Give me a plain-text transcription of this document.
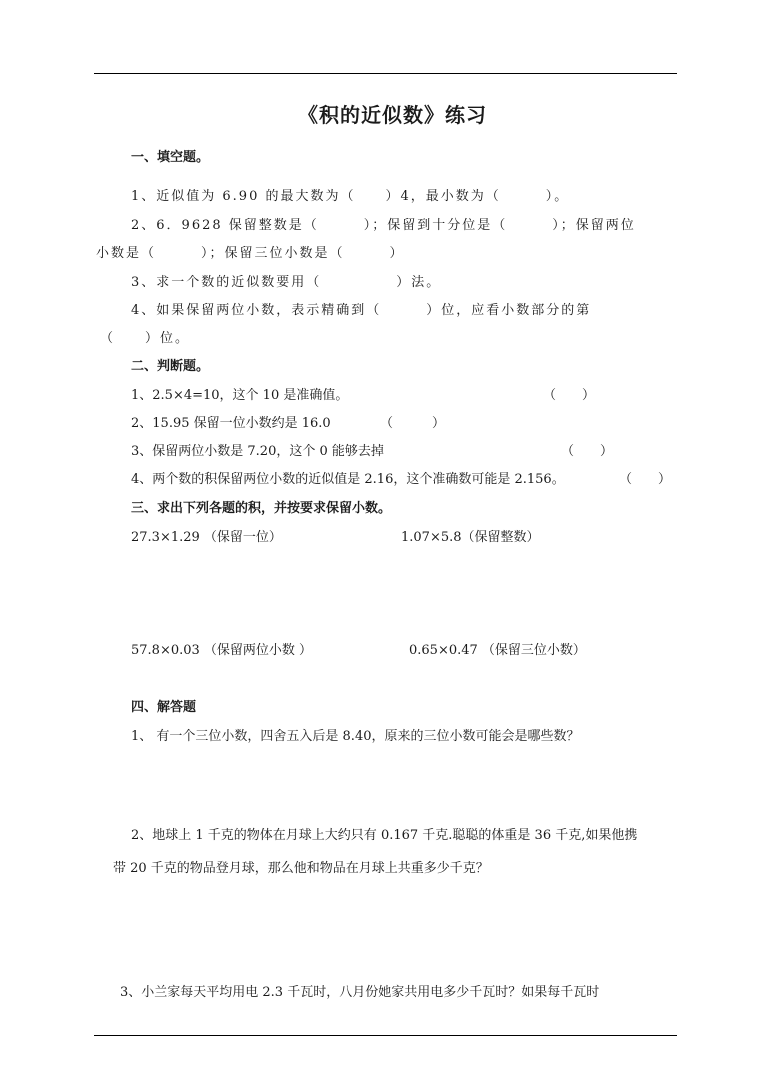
《积的近似数》练习
一、填空题。
1、近似值为 6.90 的最大数为（　　）4，最小数为（　　　）。
2、6．9628 保留整数是（　　　）；保留到十分位是（　　　）；保留两位
小数是（　　　）；保留三位小数是（　　　）
3、求一个数的近似数要用（　　　　　）法。
4、如果保留两位小数，表示精确到（　　　）位，应看小数部分的第
（　　）位。
二、判断题。
1、2.5×4=10，这个 10 是准确值。	（　　）
2、15.95 保留一位小数约是 16.0	（　　　）
3、保留两位小数是 7.20，这个 0 能够去掉	（　　）
4、两个数的积保留两位小数的近似值是 2.16，这个准确数可能是 2.156。	（　　）
三、求出下列各题的积，并按要求保留小数。
27.3×1.29 （保留一位）	1.07×5.8（保留整数）
57.8×0.03 （保留两位小数 ）	0.65×0.47 （保留三位小数）
四、解答题
1、 有一个三位小数，四舍五入后是 8.40，原来的三位小数可能会是哪些数？
2、地球上 1 千克的物体在月球上大约只有 0.167 千克.聪聪的体重是 36 千克,如果他携
带 20 千克的物品登月球，那么他和物品在月球上共重多少千克？
3、小兰家每天平均用电 2.3 千瓦时，八月份她家共用电多少千瓦时？如果每千瓦时
